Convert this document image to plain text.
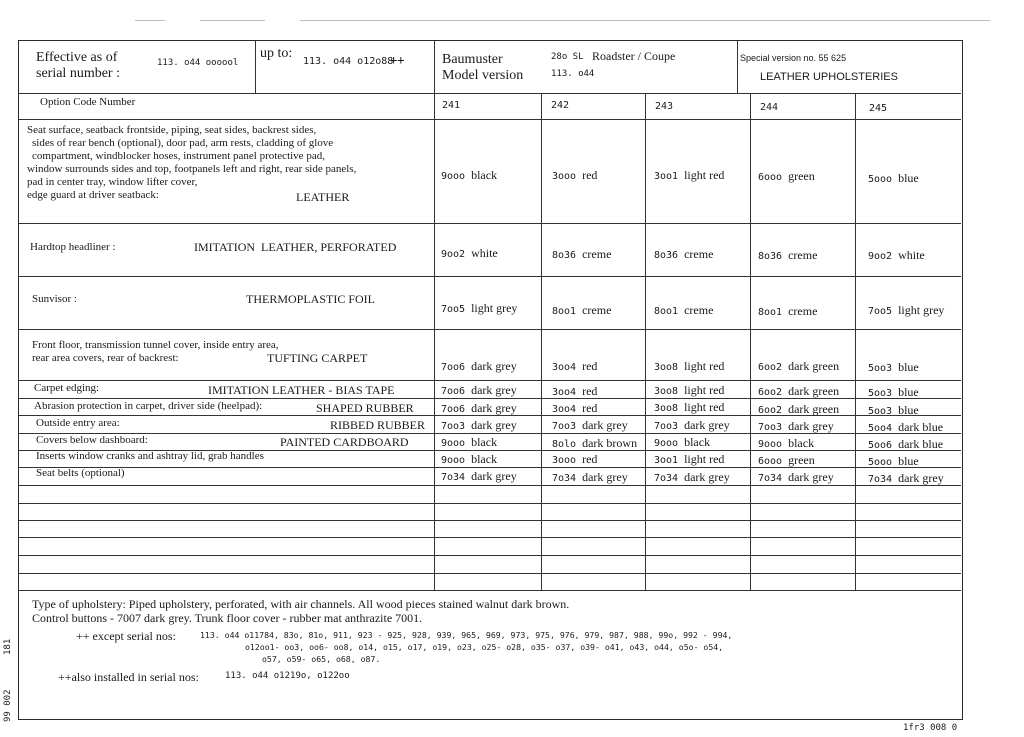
Effective as of
serial number :
113. o44 oooool
up to:
113. o44 o12o88
++	Baumuster
Model version
28o SL Roadster / Coupe
113. o44
Special version no. 55 625
LEATHER UPHOLSTERIES
Option Code Number	241	242	243	244	245
Seat surface, seatback frontside, piping, seat sides, backrest sides,
sides of rear bench (optional), door pad, arm rests, cladding of glove
compartment, windblocker hoses, instrument panel protective pad,
window surrounds sides and top, footpanels left and right, rear side panels,
pad in center tray, window lifter cover,
edge guard at driver seatback:	LEATHER
9ooo black	3ooo red	3oo1 light red	6ooo green	5ooo blue
Hardtop headliner :	IMITATION  LEATHER, PERFORATED
9oo2 white	8o36 creme	8o36 creme	8o36 creme	9oo2 white
Sunvisor :	THERMOPLASTIC FOIL
7oo5 light grey	8oo1 creme	8oo1 creme	8oo1 creme	7oo5 light grey
Front floor, transmission tunnel cover, inside entry area,
rear area covers, rear of backrest:	TUFTING CARPET
7oo6 dark grey	3oo4 red	3oo8 light red	6oo2 dark green	5oo3 blue
Carpet edging:	IMITATION LEATHER - BIAS TAPE	7oo6 dark grey	3oo4 red	3oo8 light red	6oo2 dark green	5oo3 blue
Abrasion protection in carpet, driver side (heelpad):	SHAPED RUBBER	7oo6 dark grey	3oo4 red	3oo8 light red	6oo2 dark green	5oo3 blue
Outside entry area:	RIBBED RUBBER 7oo3 dark grey	7oo3 dark grey	7oo3 dark grey	7oo3 dark grey	5oo4 dark blue
Covers below dashboard:	PAINTED CARDBOARD	9ooo black	8olo dark brown 9ooo black	9ooo black	5oo6 dark blue
Inserts window cranks and ashtray lid, grab handles	9ooo black	3ooo red	3oo1 light red	6ooo green	5ooo blue
Seat belts (optional)	7o34 dark grey	7o34 dark grey	7o34 dark grey	7o34 dark grey	7o34 dark grey
Type of upholstery: Piped upholstery, perforated, with air channels. All wood pieces stained walnut dark brown.
Control buttons - 7007 dark grey. Trunk floor cover - rubber mat anthrazite 7001.
++ except serial nos:	113. o44 o11784, 83o, 81o, 911, 923 - 925, 928, 939, 965, 969, 973, 975, 976, 979, 987, 988, 99o, 992 - 994,
o12oo1- oo3, oo6- oo8, o14, o15, o17, o19, o23, o25- o28, o35- o37, o39- o41, o43, o44, o5o- o54,
o57, o59- o65, o68, o87.
++also installed in serial nos:	113. o44 o1219o, o122oo
181
99 002
1fr3 008 0
